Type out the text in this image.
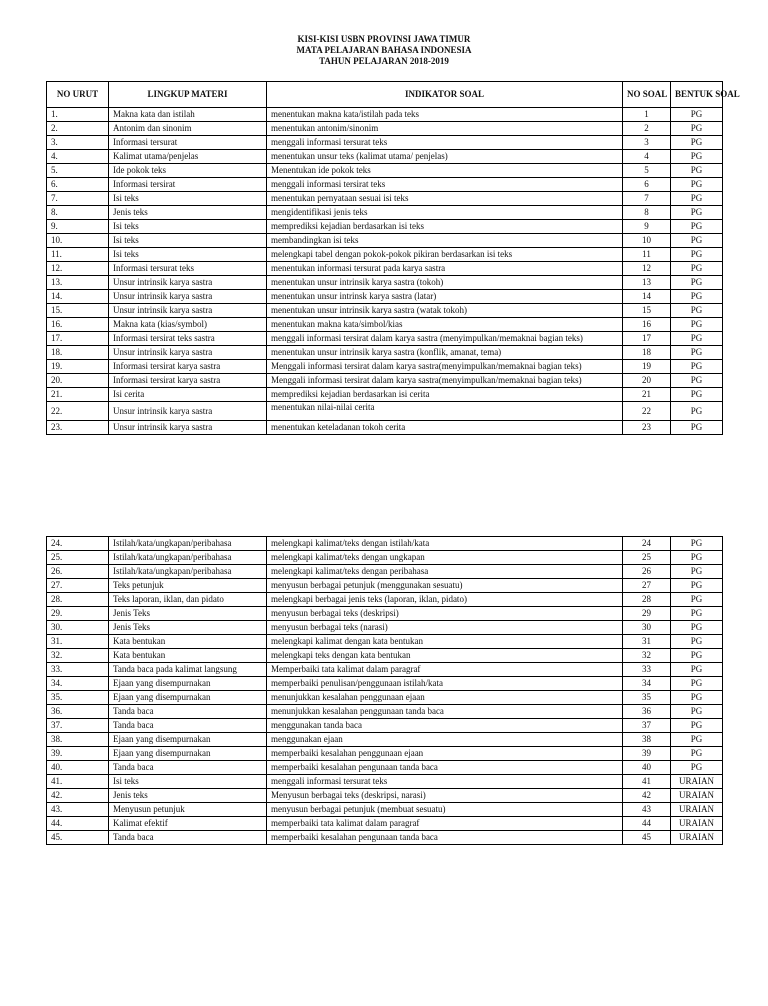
KISI-KISI USBN PROVINSI JAWA TIMUR
MATA PELAJARAN BAHASA INDONESIA
TAHUN PELAJARAN 2018-2019
NO URUT	LINGKUP MATERI	INDIKATOR SOAL	NO SOAL	BENTUK SOAL
1.	Makna kata dan istilah	menentukan makna kata/istilah pada teks	1	PG
2.	Antonim dan sinonim	menentukan antonim/sinonim	2	PG
3.	Informasi tersurat	menggali informasi tersurat teks	3	PG
4.	Kalimat utama/penjelas	menentukan unsur teks (kalimat utama/ penjelas)	4	PG
5.	Ide pokok teks	Menentukan ide pokok teks	5	PG
6.	Informasi tersirat	menggali informasi tersirat teks	6	PG
7.	Isi teks	menentukan pernyataan sesuai isi teks	7	PG
8.	Jenis teks	mengidentifikasi jenis teks	8	PG
9.	Isi teks	memprediksi kejadian berdasarkan isi teks	9	PG
10.	Isi teks	membandingkan isi teks	10	PG
11.	Isi teks	melengkapi tabel dengan pokok-pokok pikiran berdasarkan isi teks	11	PG
12.	Informasi tersurat teks	menentukan informasi tersurat pada karya sastra	12	PG
13.	Unsur intrinsik karya sastra	menentukan unsur intrinsik karya sastra (tokoh)	13	PG
14.	Unsur intrinsik karya sastra	menentukan unsur intrinsk karya sastra (latar)	14	PG
15.	Unsur intrinsik karya sastra	menentukan unsur intrinsik karya sastra (watak tokoh)	15	PG
16.	Makna kata (kias/symbol)	menentukan makna kata/simbol/kias	16	PG
17.	Informasi tersirat teks sastra	menggali informasi tersirat dalam karya sastra (menyimpulkan/memaknai bagian teks)	17	PG
18.	Unsur intrinsik karya sastra	menentukan unsur intrinsik karya sastra (konflik, amanat, tema)	18	PG
19.	Informasi tersirat karya sastra	Menggali informasi tersirat dalam karya sastra(menyimpulkan/memaknai bagian teks)	19	PG
20.	Informasi tersirat karya sastra	Menggali informasi tersirat dalam karya sastra(menyimpulkan/memaknai bagian teks)	20	PG
21.	Isi cerita	memprediksi kejadian berdasarkan isi cerita	21	PG
22.	Unsur intrinsik karya sastra	menentukan nilai-nilai cerita	22	PG
23.	Unsur intrinsik karya sastra	menentukan keteladanan tokoh cerita	23	PG
24.	Istilah/kata/ungkapan/peribahasa	melengkapi kalimat/teks dengan istilah/kata	24	PG
25.	Istilah/kata/ungkapan/peribahasa	melengkapi kalimat/teks dengan ungkapan	25	PG
26.	Istilah/kata/ungkapan/peribahasa	melengkapi kalimat/teks dengan peribahasa	26	PG
27.	Teks petunjuk	menyusun berbagai petunjuk (menggunakan sesuatu)	27	PG
28.	Teks laporan, iklan, dan pidato	melengkapi berbagai jenis teks (laporan, iklan, pidato)	28	PG
29.	Jenis Teks	menyusun berbagai teks (deskripsi)	29	PG
30.	Jenis Teks	menyusun berbagai teks (narasi)	30	PG
31.	Kata bentukan	melengkapi kalimat dengan kata bentukan	31	PG
32.	Kata bentukan	melengkapi teks dengan kata bentukan	32	PG
33.	Tanda baca pada kalimat langsung	Memperbaiki tata kalimat dalam paragraf	33	PG
34.	Ejaan yang disempurnakan	memperbaiki penulisan/penggunaan istilah/kata	34	PG
35.	Ejaan yang disempurnakan	menunjukkan kesalahan penggunaan ejaan	35	PG
36.	Tanda baca	menunjukkan kesalahan penggunaan tanda baca	36	PG
37.	Tanda baca	menggunakan tanda baca	37	PG
38.	Ejaan yang disempurnakan	menggunakan ejaan	38	PG
39.	Ejaan yang disempurnakan	memperbaiki kesalahan penggunaan ejaan	39	PG
40.	Tanda baca	memperbaiki kesalahan pengunaan tanda baca	40	PG
41.	Isi teks	menggali informasi tersurat teks	41	URAIAN
42.	Jenis teks	Menyusun berbagai teks (deskripsi, narasi)	42	URAIAN
43.	Menyusun petunjuk	menyusun berbagai petunjuk (membuat sesuatu)	43	URAIAN
44.	Kalimat efektif	memperbaiki tata kalimat dalam paragraf	44	URAIAN
45.	Tanda baca	memperbaiki kesalahan pengunaan tanda baca	45	URAIAN
